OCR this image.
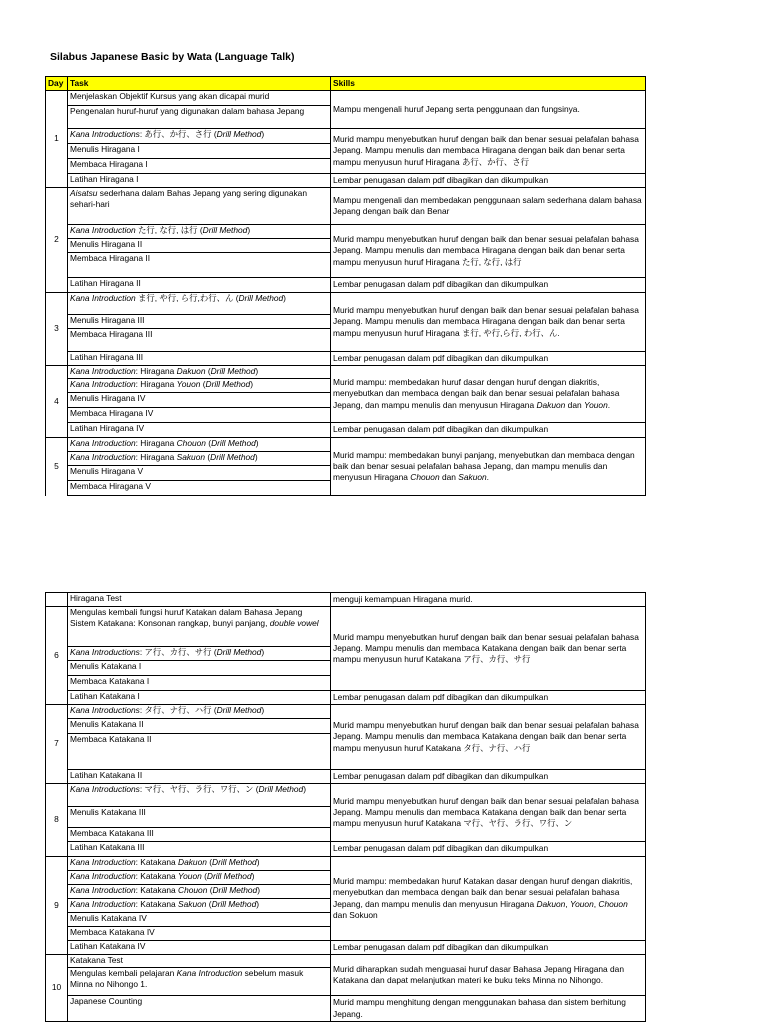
Silabus Japanese Basic by Wata (Language Talk)
Day	Task	Skills
1	Menjelaskan Objektif Kursus yang akan dicapai murid	Mampu mengenali huruf Jepang serta penggunaan dan fungsinya.
	Pengenalan huruf-huruf yang digunakan dalam bahasa Jepang	
	Kana Introductions: あ行、か行、さ行 (Drill Method)	Murid mampu menyebutkan huruf dengan baik dan benar sesuai pelafalan bahasa Jepang. Mampu menulis dan membaca Hiragana dengan baik dan benar serta mampu menyusun huruf Hiragana あ行、か行、さ行
	Menulis Hiragana I	
	Membaca Hiragana I	
	Latihan Hiragana I	Lembar penugasan dalam pdf dibagikan dan dikumpulkan
2	Aisatsu sederhana dalam Bahas Jepang yang sering digunakan sehari-hari	Mampu mengenali dan membedakan penggunaan salam sederhana dalam bahasa Jepang dengan baik dan Benar
	Kana Introduction た行, な行, は行 (Drill Method)	Murid mampu menyebutkan huruf dengan baik dan benar sesuai pelafalan bahasa Jepang. Mampu menulis dan membaca Hiragana dengan baik dan benar serta mampu menyusun huruf Hiragana た行, な行, は行
	Menulis Hiragana II	
	Membaca Hiragana II	
	Latihan Hiragana II	Lembar penugasan dalam pdf dibagikan dan dikumpulkan
3	Kana Introduction ま行, や行, ら行,わ行、ん (Drill Method)	Murid mampu menyebutkan huruf dengan baik dan benar sesuai pelafalan bahasa Jepang. Mampu menulis dan membaca Hiragana dengan baik dan benar serta mampu menyusun huruf Hiragana ま行, や行,ら行, わ行、ん.
	Menulis Hiragana III	
	Membaca Hiragana III	
	Latihan Hiragana III	Lembar penugasan dalam pdf dibagikan dan dikumpulkan
4	Kana Introduction: Hiragana Dakuon (Drill Method)	Murid mampu: membedakan huruf dasar dengan huruf dengan diakritis, menyebutkan dan membaca dengan baik dan benar sesuai pelafalan bahasa Jepang, dan mampu menulis dan menyusun Hiragana Dakuon dan Youon.
	Kana Introduction: Hiragana Youon (Drill Method)	
	Menulis Hiragana IV	
	Membaca Hiragana IV	
	Latihan Hiragana IV	Lembar penugasan dalam pdf dibagikan dan dikumpulkan
5	Kana Introduction: Hiragana Chouon (Drill Method)	Murid mampu: membedakan bunyi panjang, menyebutkan dan membaca dengan baik dan benar sesuai pelafalan bahasa Jepang, dan mampu menulis dan menyusun Hiragana Chouon dan Sakuon.
	Kana Introduction: Hiragana Sakuon (Drill Method)	
	Menulis Hiragana V	
	Membaca Hiragana V	
	Hiragana Test	menguji kemampuan Hiragana murid.
6	Mengulas kembali fungsi huruf Katakan dalam Bahasa Jepang Sistem Katakana: Konsonan rangkap, bunyi panjang, double vowel	Murid mampu menyebutkan huruf dengan baik dan benar sesuai pelafalan bahasa Jepang. Mampu menulis dan membaca Katakana dengan baik dan benar serta mampu menyusun huruf Katakana ア行、カ行、サ行
	Kana Introductions: ア行、カ行、サ行 (Drill Method)	
	Menulis Katakana I	
	Membaca Katakana I	
	Latihan Katakana I	Lembar penugasan dalam pdf dibagikan dan dikumpulkan
7	Kana Introductions: タ行、ナ行、ハ行 (Drill Method)	Murid mampu menyebutkan huruf dengan baik dan benar sesuai pelafalan bahasa Jepang. Mampu menulis dan membaca Katakana dengan baik dan benar serta mampu menyusun huruf Katakana タ行、ナ行、ハ行
	Menulis Katakana II	
	Membaca Katakana II	
	Latihan Katakana II	Lembar penugasan dalam pdf dibagikan dan dikumpulkan
8	Kana Introductions: マ行、ヤ行、ラ行、ワ行、ン (Drill Method)	Murid mampu menyebutkan huruf dengan baik dan benar sesuai pelafalan bahasa Jepang. Mampu menulis dan membaca Katakana dengan baik dan benar serta mampu menyusun huruf Katakana マ行、ヤ行、ラ行、ワ行、ン
	Menulis Katakana III	
	Membaca Katakana III	
	Latihan Katakana III	Lembar penugasan dalam pdf dibagikan dan dikumpulkan
9	Kana Introduction: Katakana Dakuon (Drill Method)	Murid mampu: membedakan huruf Katakan dasar dengan huruf dengan diakritis, menyebutkan dan membaca dengan baik dan benar sesuai pelafalan bahasa Jepang, dan mampu menulis dan menyusun Hiragana Dakuon, Youon, Chouon dan Sokuon
	Kana Introduction: Katakana Youon (Drill Method)	
	Kana Introduction: Katakana Chouon (Drill Method)	
	Kana Introduction: Katakana Sakuon (Drill Method)	
	Menulis Katakana IV	
	Membaca Katakana IV	
	Latihan Katakana IV	Lembar penugasan dalam pdf dibagikan dan dikumpulkan
10	Katakana Test	Murid diharapkan sudah menguasai huruf dasar Bahasa Jepang Hiragana dan Katakana dan dapat melanjutkan materi ke buku teks Minna no Nihongo.
	Mengulas kembali pelajaran Kana Introduction sebelum masuk Minna no Nihongo 1.	
	Japanese Counting	Murid mampu menghitung dengan menggunakan bahasa dan sistem berhitung Jepang.
